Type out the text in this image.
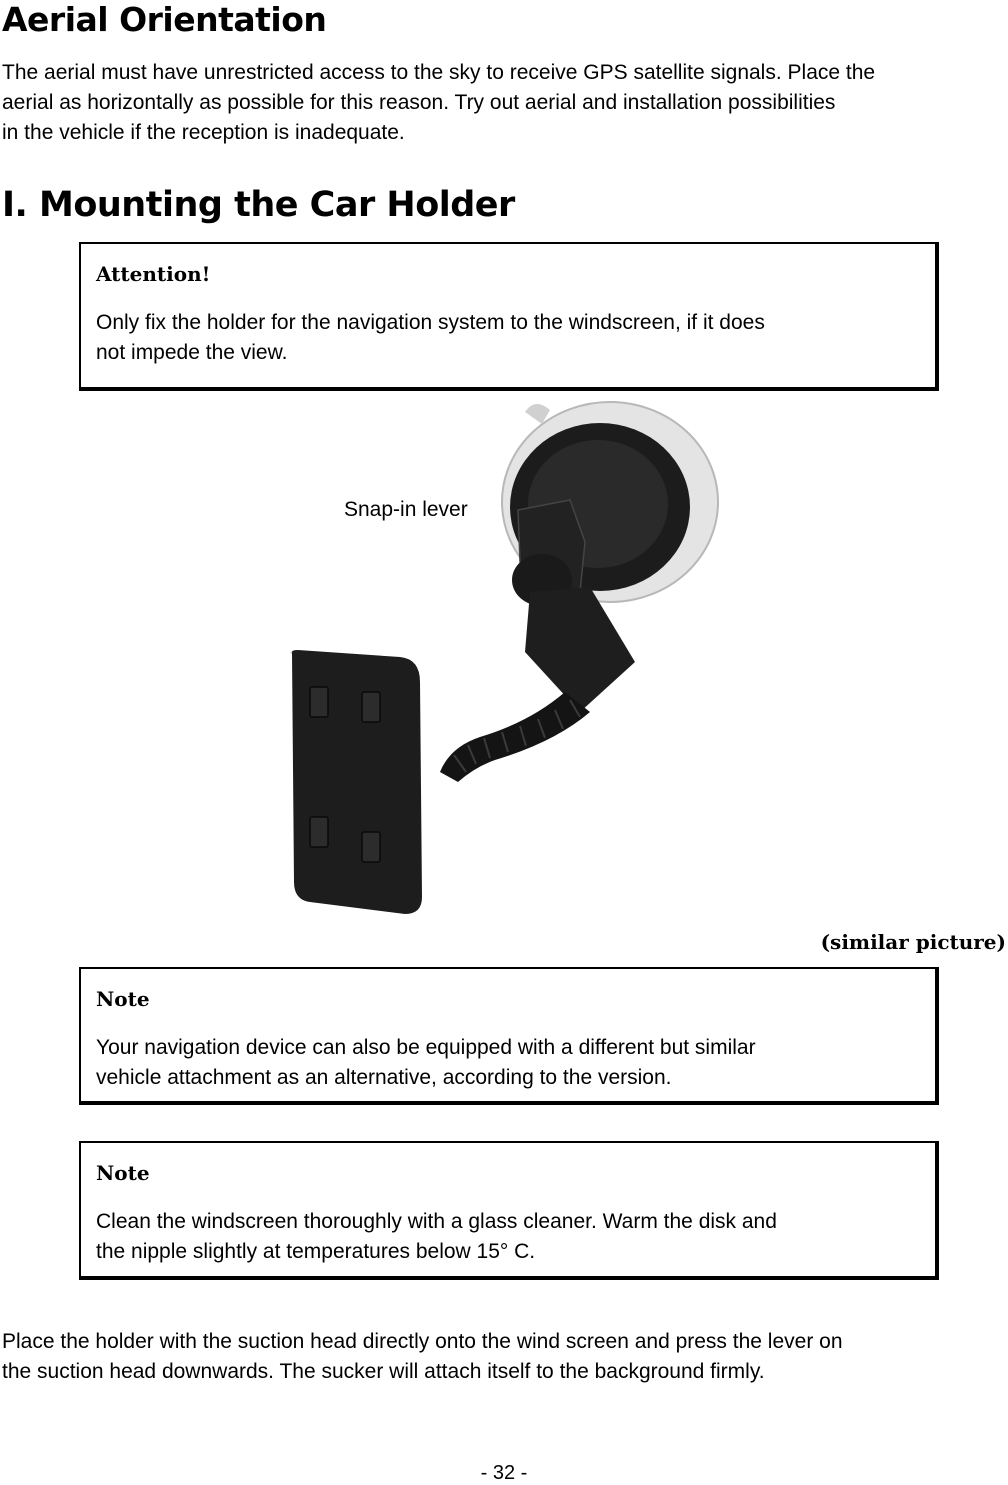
Aerial Orientation
The aerial must have unrestricted access to the sky to receive GPS satellite signals. Place the
aerial as horizontally as possible for this reason. Try out aerial and installation possibilities
in the vehicle if the reception is inadequate.
I. Mounting the Car Holder
Attention!
Only fix the holder for the navigation system to the windscreen, if it does
not impede the view.
Snap-in lever
(similar picture)
Note
Your navigation device can also be equipped with a different but similar
vehicle attachment as an alternative, according to the version.
Note
Clean the windscreen thoroughly with a glass cleaner. Warm the disk and
the nipple slightly at temperatures below 15° C.
Place the holder with the suction head directly onto the wind screen and press the lever on
the suction head downwards. The sucker will attach itself to the background firmly.
- 32 -
